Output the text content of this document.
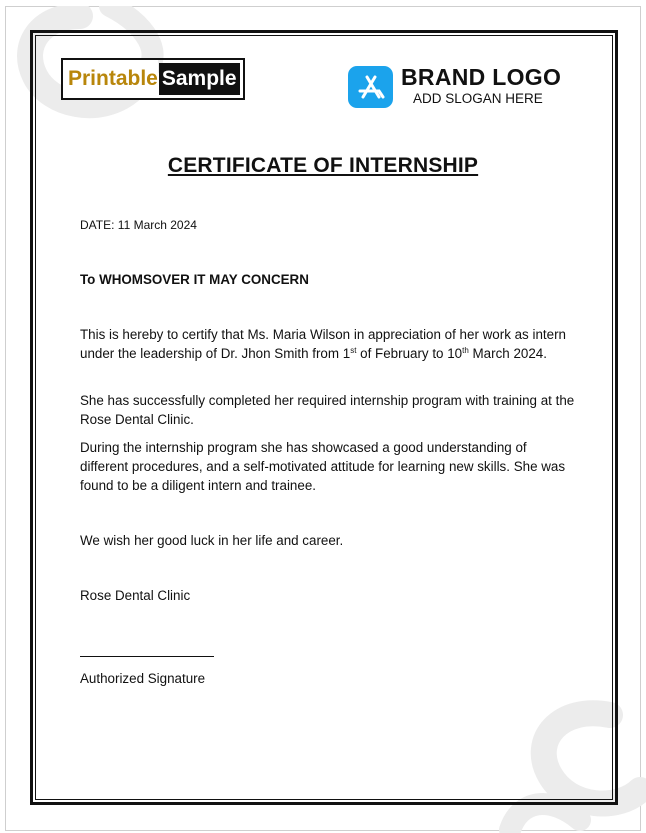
Printable Sample	BRAND LOGO
ADD SLOGAN HERE
CERTIFICATE OF INTERNSHIP
DATE: 11 March 2024
To WHOMSOVER IT MAY CONCERN
This is hereby to certify that Ms. Maria Wilson in appreciation of her work as intern under the leadership of Dr. Jhon Smith from 1st of February to 10th March 2024.
She has successfully completed her required internship program with training at the Rose Dental Clinic.
During the internship program she has showcased a good understanding of different procedures, and a self-motivated attitude for learning new skills. She was found to be a diligent intern and trainee.
We wish her good luck in her life and career.
Rose Dental Clinic
Authorized Signature
